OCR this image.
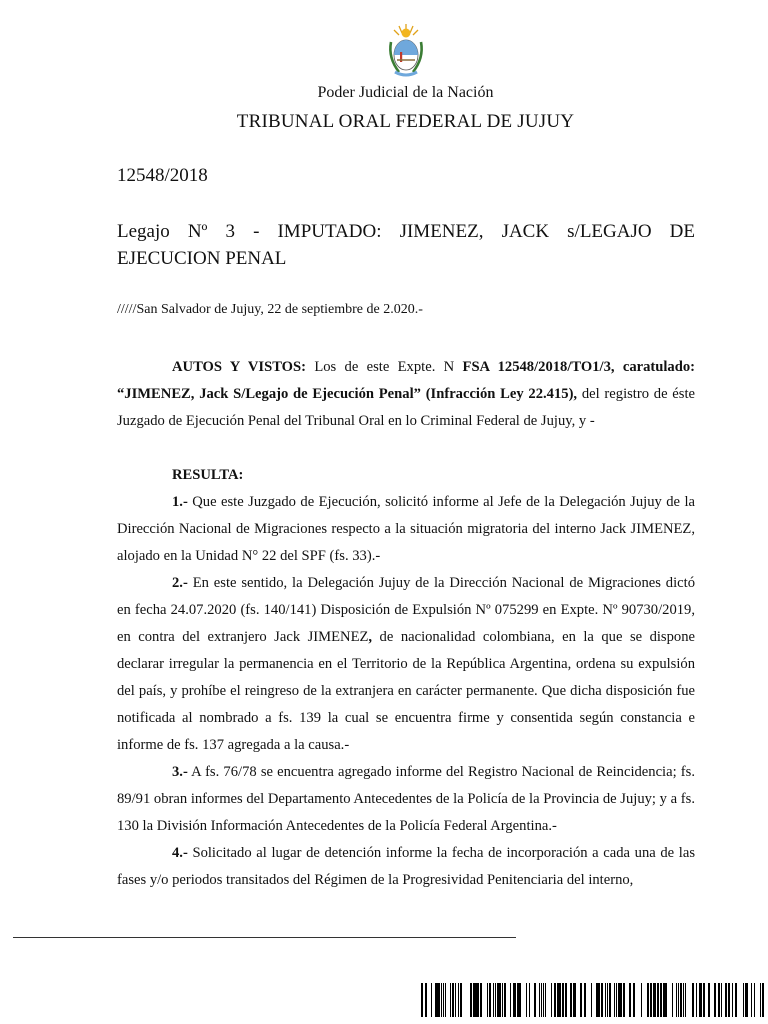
Poder Judicial de la Nación
TRIBUNAL ORAL FEDERAL DE JUJUY
12548/2018
Legajo Nº 3 - IMPUTADO: JIMENEZ, JACK s/LEGAJO DE
EJECUCION PENAL
/////San Salvador de Jujuy, 22 de septiembre de 2.020.-

AUTOS Y VISTOS: Los de este Expte. N FSA 12548/2018/TO1/3, caratulado: “JIMENEZ, Jack S/Legajo de Ejecución Penal” (Infracción Ley 22.415), del registro de éste Juzgado de Ejecución Penal del Tribunal Oral en lo Criminal Federal de Jujuy, y -

RESULTA:

1.- Que este Juzgado de Ejecución, solicitó informe al Jefe de la Delegación Jujuy de la Dirección Nacional de Migraciones respecto a la situación migratoria del interno Jack JIMENEZ, alojado en la Unidad N° 22 del SPF (fs. 33).-

2.- En este sentido, la Delegación Jujuy de la Dirección Nacional de Migraciones dictó en fecha 24.07.2020 (fs. 140/141) Disposición de Expulsión Nº 075299 en Expte. Nº 90730/2019, en contra del extranjero Jack JIMENEZ, de nacionalidad colombiana, en la que se dispone declarar irregular la permanencia en el Territorio de la República Argentina, ordena su expulsión del país, y prohíbe el reingreso de la extranjera en carácter permanente. Que dicha disposición fue notificada al nombrado a fs. 139 la cual se encuentra firme y consentida según constancia e informe de fs. 137 agregada a la causa.-

3.- A fs. 76/78 se encuentra agregado informe del Registro Nacional de Reincidencia; fs. 89/91 obran informes del Departamento Antecedentes de la Policía de la Provincia de Jujuy; y a fs. 130 la División Información Antecedentes de la Policía Federal Argentina.-

4.- Solicitado al lugar de detención informe la fecha de incorporación a cada una de las fases y/o periodos transitados del Régimen de la Progresividad Penitenciaria del interno,
